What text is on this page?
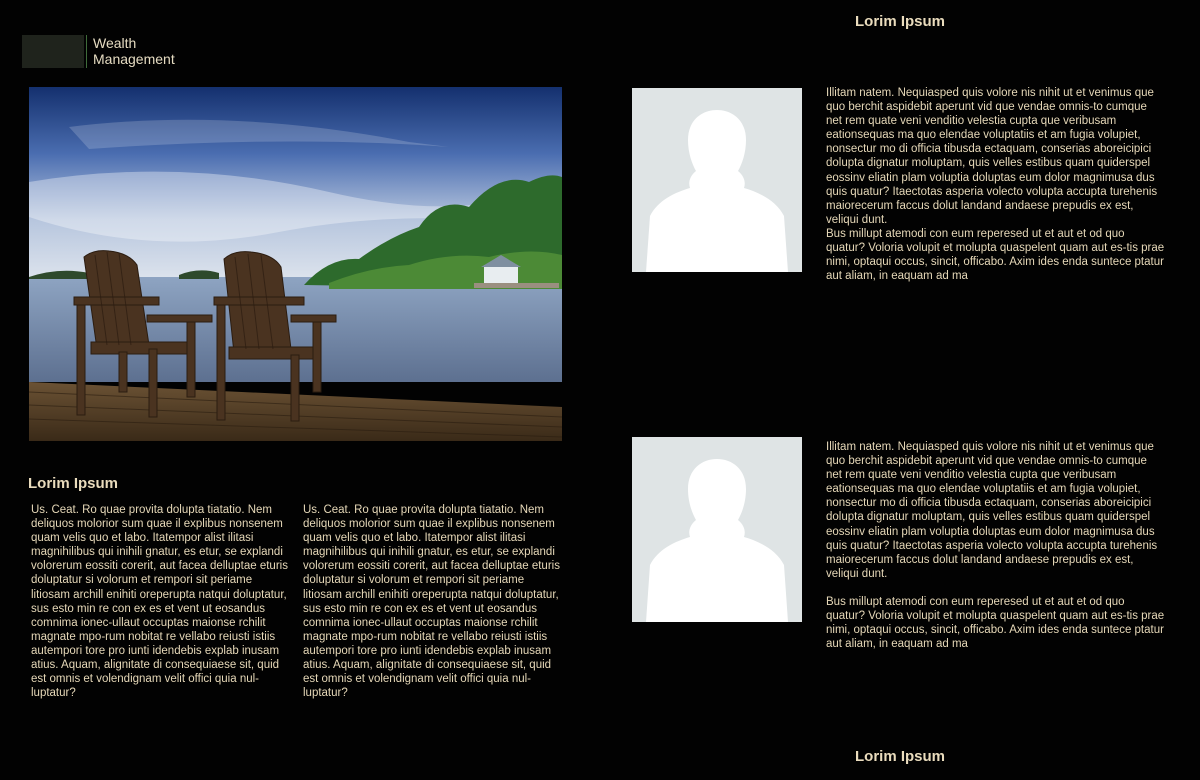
Wealth
Management
Lorim Ipsum
Lorim Ipsum
Lorim Ipsum

Us. Ceat. Ro quae provita dolupta tiatatio. Nem deliquos molorior sum quae il explibus nonsenem quam velis quo et labo. Itatempor alist ilitasi magnihilibus qui inihili gnatur, es etur, se explandi volorerum eossiti corerit, aut facea delluptae eturis doluptatur si volorum et rempori sit periame litiosam archill enihiti oreperupta natqui doluptatur, sus esto min re con ex es et vent ut eosandus comnima ionec-ullaut occuptas maionse rchilit magnate mpo-rum nobitat re vellabo reiusti istiis autempori tore pro iunti idendebis explab inusam atius. Aquam, alignitate di consequiaese sit, quid est omnis et volendignam velit offici quia nul-luptatur?

Us. Ceat. Ro quae provita dolupta tiatatio. Nem deliquos molorior sum quae il explibus nonsenem quam velis quo et labo. Itatempor alist ilitasi magnihilibus qui inihili gnatur, es etur, se explandi volorerum eossiti corerit, aut facea delluptae eturis doluptatur si volorum et rempori sit periame litiosam archill enihiti oreperupta natqui doluptatur, sus esto min re con ex es et vent ut eosandus comnima ionec-ullaut occuptas maionse rchilit magnate mpo-rum nobitat re vellabo reiusti istiis autempori tore pro iunti idendebis explab inusam atius. Aquam, alignitate di consequiaese sit, quid est omnis et volendignam velit offici quia nul-luptatur?

Illitam natem. Nequiasped quis volore nis nihit ut et venimus que quo berchit aspidebit aperunt vid que vendae omnis-to cumque net rem quate veni venditio velestia cupta que veribusam eationsequas ma quo elendae voluptatiis et am fugia volupiet, nonsectur mo di officia tibusda ectaquam, conserias aboreicipici dolupta dignatur moluptam, quis velles estibus quam quiderspel eossinv eliatin plam voluptia doluptas eum dolor magnimusa dus quis quatur? Itaectotas asperia volecto volupta accupta turehenis maiorecerum faccus dolut landand andaese prepudis ex est, veliqui dunt.

Bus millupt atemodi con eum reperesed ut et aut et od quo quatur? Voloria volupit et molupta quaspelent quam aut es-tis prae nimi, optaqui occus, sincit, officabo. Axim ides enda suntece ptatur aut aliam, in eaquam ad ma

Illitam natem. Nequiasped quis volore nis nihit ut et venimus que quo berchit aspidebit aperunt vid que vendae omnis-to cumque net rem quate veni venditio velestia cupta que veribusam eationsequas ma quo elendae voluptatiis et am fugia volupiet, nonsectur mo di officia tibusda ectaquam, conserias aboreicipici dolupta dignatur moluptam, quis velles estibus quam quiderspel eossinv eliatin plam voluptia doluptas eum dolor magnimusa dus quis quatur? Itaectotas asperia volecto volupta accupta turehenis maiorecerum faccus dolut landand andaese prepudis ex est, veliqui dunt.

Bus millupt atemodi con eum reperesed ut et aut et od quo quatur? Voloria volupit et molupta quaspelent quam aut es-tis prae nimi, optaqui occus, sincit, officabo. Axim ides enda suntece ptatur aut aliam, in eaquam ad ma
